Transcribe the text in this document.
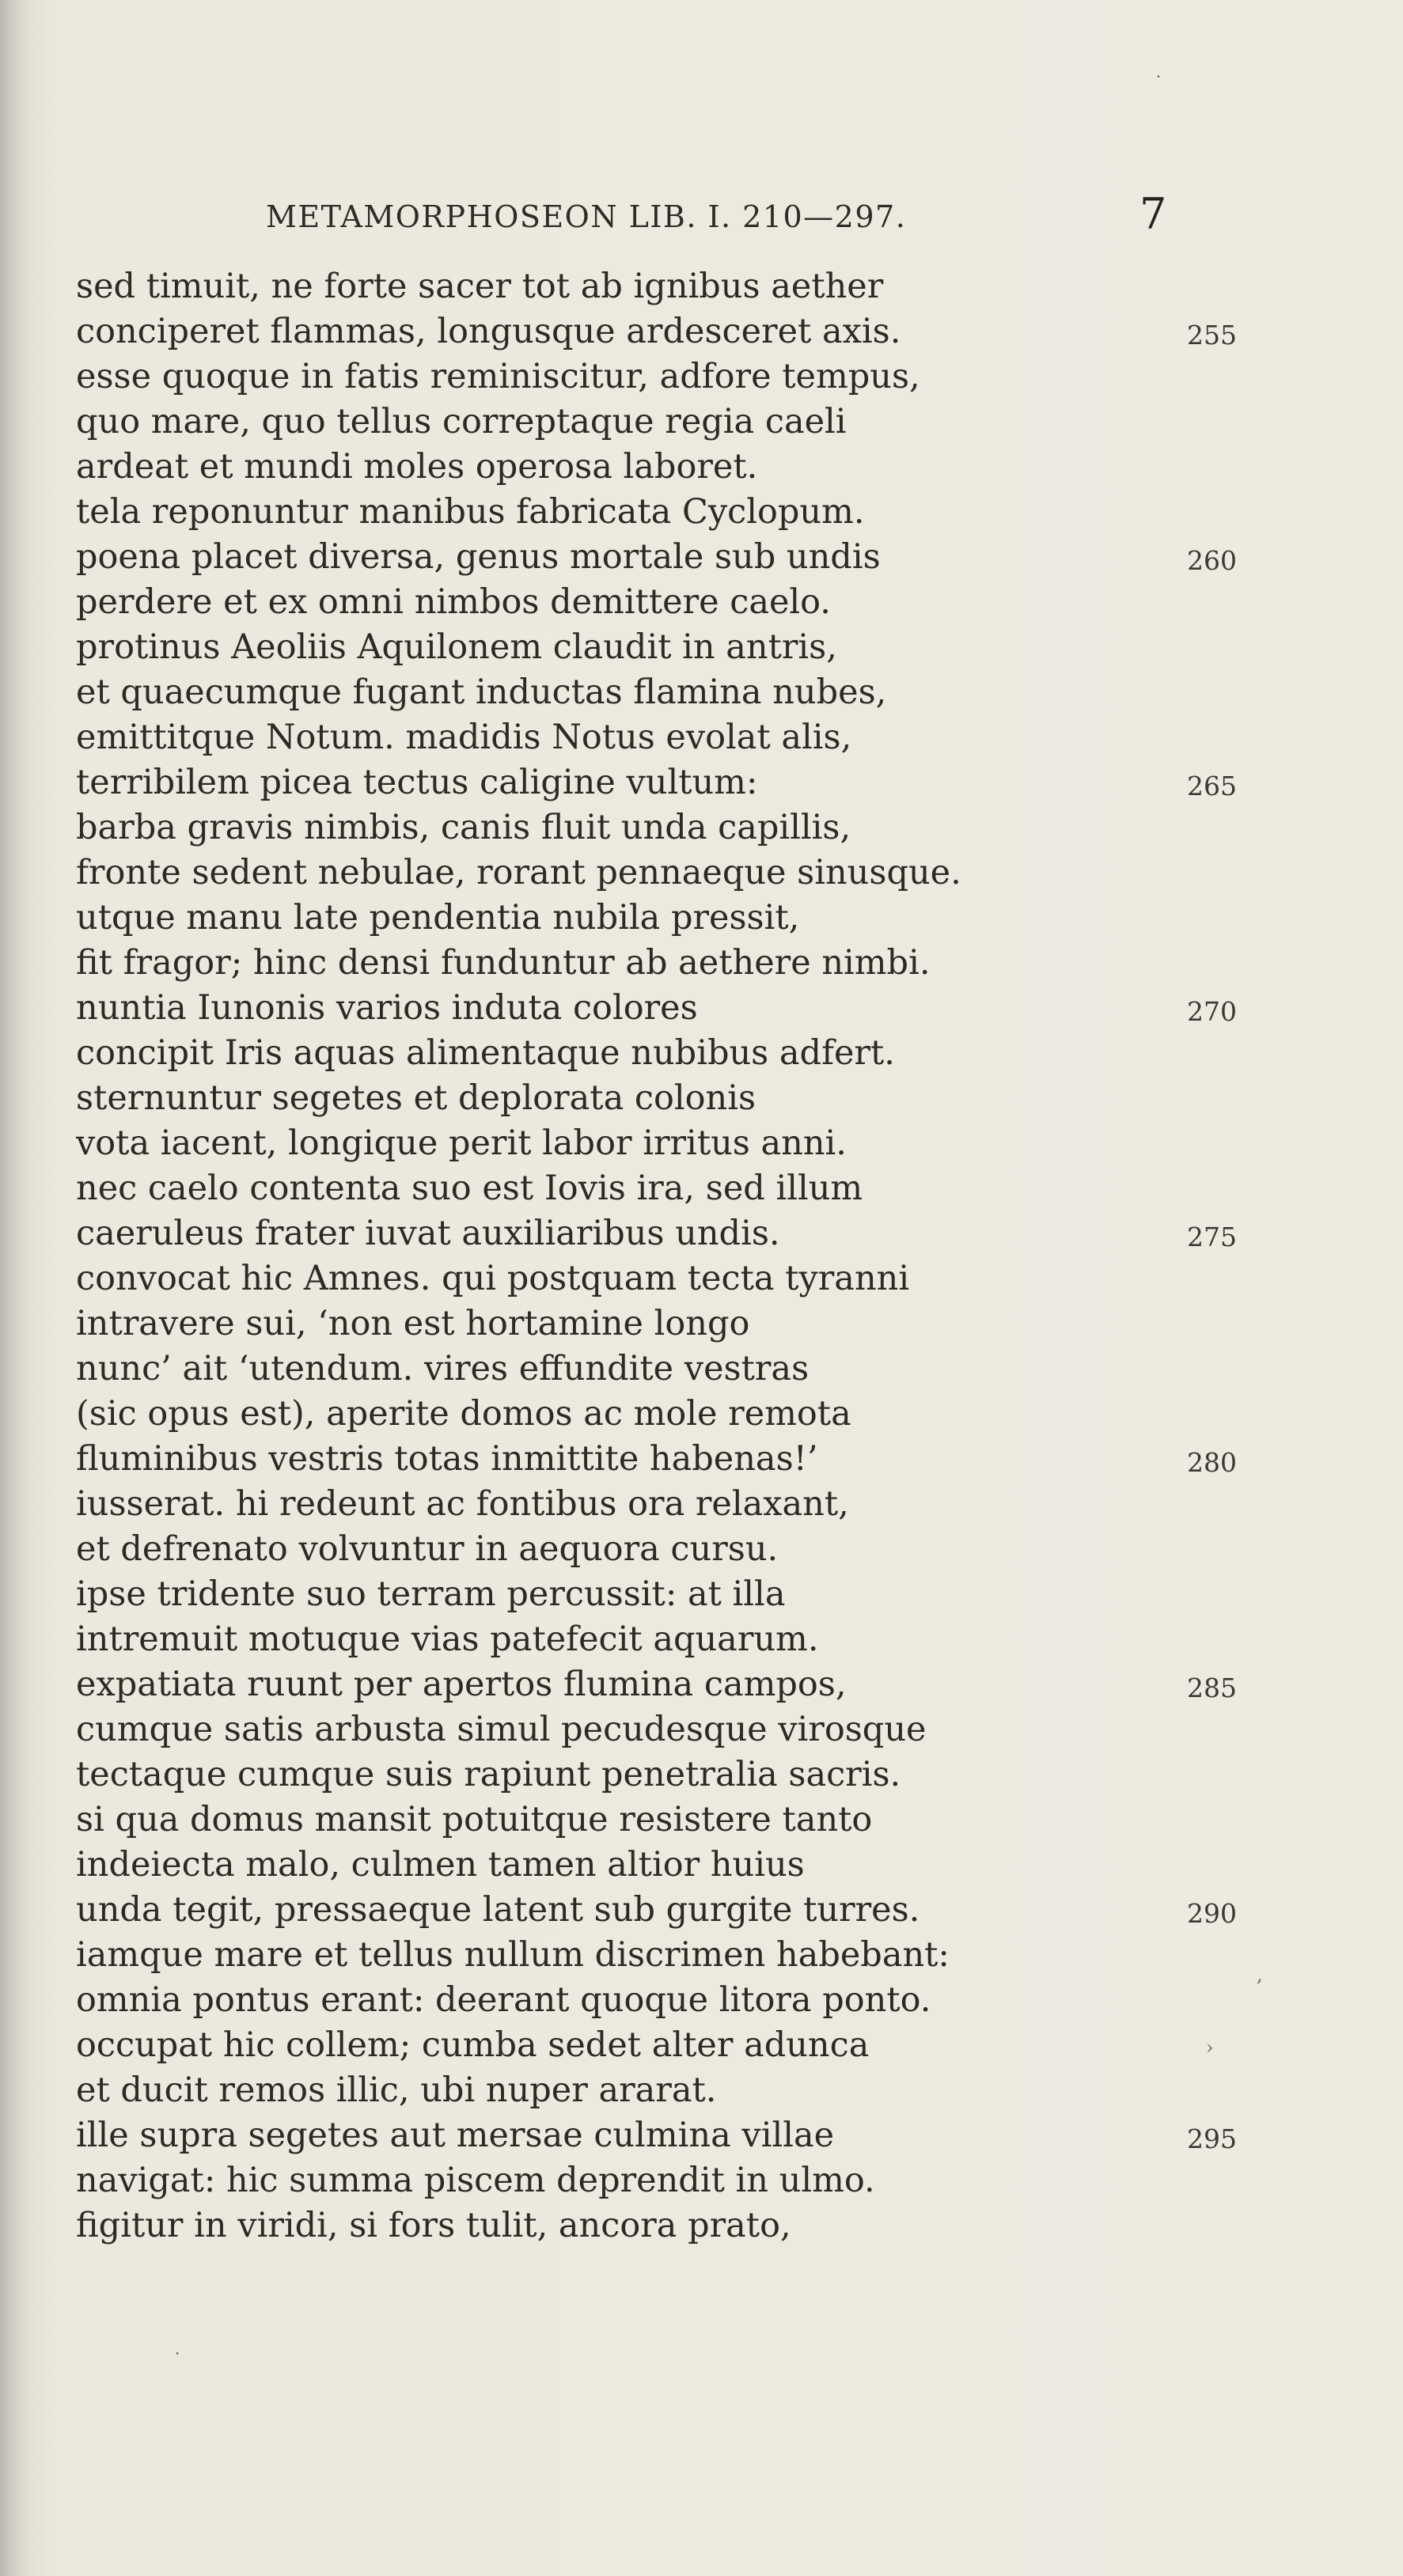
METAMORPHOSEON LIB. I. 210—297.	7
sed timuit, ne forte sacer tot ab ignibus aether
conciperet flammas, longusque ardesceret axis.	255
esse quoque in fatis reminiscitur, adfore tempus,
quo mare, quo tellus correptaque regia caeli
ardeat et mundi moles operosa laboret.
tela reponuntur manibus fabricata Cyclopum.
poena placet diversa, genus mortale sub undis	260
perdere et ex omni nimbos demittere caelo.
protinus Aeoliis Aquilonem claudit in antris,
et quaecumque fugant inductas flamina nubes,
emittitque Notum. madidis Notus evolat alis,
terribilem picea tectus caligine vultum:	265
barba gravis nimbis, canis fluit unda capillis,
fronte sedent nebulae, rorant pennaeque sinusque.
utque manu late pendentia nubila pressit,
fit fragor; hinc densi funduntur ab aethere nimbi.
nuntia Iunonis varios induta colores	270
concipit Iris aquas alimentaque nubibus adfert.
sternuntur segetes et deplorata colonis
vota iacent, longique perit labor irritus anni.
nec caelo contenta suo est Iovis ira, sed illum
caeruleus frater iuvat auxiliaribus undis.	275
convocat hic Amnes. qui postquam tecta tyranni
intravere sui, ‘non est hortamine longo
nunc’ ait ‘utendum. vires effundite vestras
(sic opus est), aperite domos ac mole remota
fluminibus vestris totas inmittite habenas!’	280
iusserat. hi redeunt ac fontibus ora relaxant,
et defrenato volvuntur in aequora cursu.
ipse tridente suo terram percussit: at illa
intremuit motuque vias patefecit aquarum.
expatiata ruunt per apertos flumina campos,	285
cumque satis arbusta simul pecudesque virosque
tectaque cumque suis rapiunt penetralia sacris.
si qua domus mansit potuitque resistere tanto
indeiecta malo, culmen tamen altior huius
unda tegit, pressaeque latent sub gurgite turres.	290
iamque mare et tellus nullum discrimen habebant:
omnia pontus erant: deerant quoque litora ponto.
occupat hic collem; cumba sedet alter adunca
et ducit remos illic, ubi nuper ararat.
ille supra segetes aut mersae culmina villae	295
navigat: hic summa piscem deprendit in ulmo.
figitur in viridi, si fors tulit, ancora prato,
˙
,
›
˙
